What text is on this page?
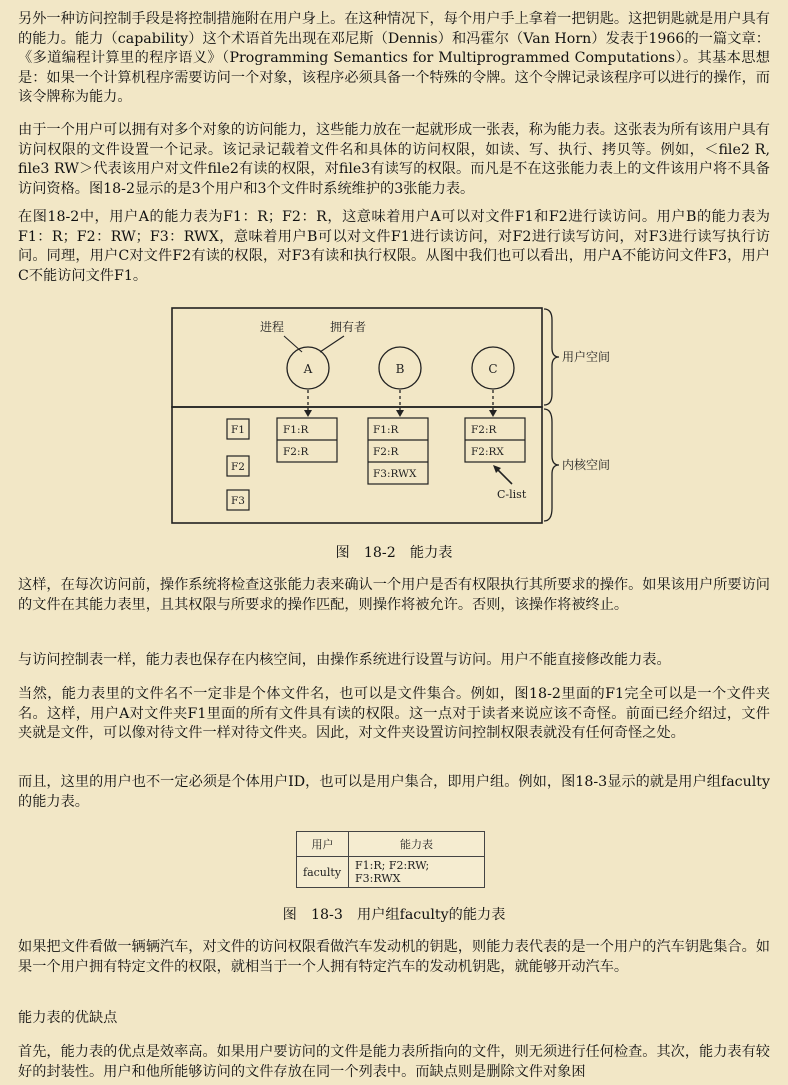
另外一种访问控制手段是将控制措施附在用户身上。在这种情况下，每个用户手上拿着一把钥匙。这把钥匙就是用户具有的能力。能力（capability）这个术语首先出现在邓尼斯（Dennis）和冯霍尔（Van Horn）发表于1966的一篇文章：《多道编程计算里的程序语义》（Programming Semantics for Multiprogrammed Computations）。其基本思想是：如果一个计算机程序需要访问一个对象，该程序必须具备一个特殊的令牌。这个令牌记录该程序可以进行的操作，而该令牌称为能力。

由于一个用户可以拥有对多个对象的访问能力，这些能力放在一起就形成一张表，称为能力表。这张表为所有该用户具有访问权限的文件设置一个记录。该记录记载着文件名和具体的访问权限，如读、写、执行、拷贝等。例如，＜file2 R, file3 RW＞代表该用户对文件file2有读的权限，对file3有读写的权限。而凡是不在这张能力表上的文件该用户将不具备访问资格。图18-2显示的是3个用户和3个文件时系统维护的3张能力表。

在图18-2中，用户A的能力表为F1：R；F2：R，这意味着用户A可以对文件F1和F2进行读访问。用户B的能力表为F1：R；F2：RW；F3：RWX，意味着用户B可以对文件F1进行读访问，对F2进行读写访问，对F3进行读写执行访问。同理，用户C对文件F2有读的权限，对F3有读和执行权限。从图中我们也可以看出，用户A不能访问文件F3，用户C不能访问文件F1。

用户空间
内核空间
进程	拥有者
A	B	C
F1
F2
F3
F1:R
F2:R
F1:R
F2:R
F3:RWX
F2:R
F2:RX
C-list

图　18-2　能力表

这样，在每次访问前，操作系统将检查这张能力表来确认一个用户是否有权限执行其所要求的操作。如果该用户所要访问的文件在其能力表里，且其权限与所要求的操作匹配，则操作将被允许。否则，该操作将被终止。

与访问控制表一样，能力表也保存在内核空间，由操作系统进行设置与访问。用户不能直接修改能力表。

当然，能力表里的文件名不一定非是个体文件名，也可以是文件集合。例如，图18-2里面的F1完全可以是一个文件夹名。这样，用户A对文件夹F1里面的所有文件具有读的权限。这一点对于读者来说应该不奇怪。前面已经介绍过，文件夹就是文件，可以像对待文件一样对待文件夹。因此，对文件夹设置访问控制权限表就没有任何奇怪之处。

而且，这里的用户也不一定必须是个体用户ID，也可以是用户集合，即用户组。例如，图18-3显示的就是用户组faculty的能力表。

用户	能力表
faculty	F1:R; F2:RW; F3:RWX

图　18-3　用户组faculty的能力表

如果把文件看做一辆辆汽车，对文件的访问权限看做汽车发动机的钥匙，则能力表代表的是一个用户的汽车钥匙集合。如果一个用户拥有特定文件的权限，就相当于一个人拥有特定汽车的发动机钥匙，就能够开动汽车。

能力表的优缺点

首先，能力表的优点是效率高。如果用户要访问的文件是能力表所指向的文件，则无须进行任何检查。其次，能力表有较好的封装性。用户和他所能够访问的文件存放在同一个列表中。而缺点则是删除文件对象困
